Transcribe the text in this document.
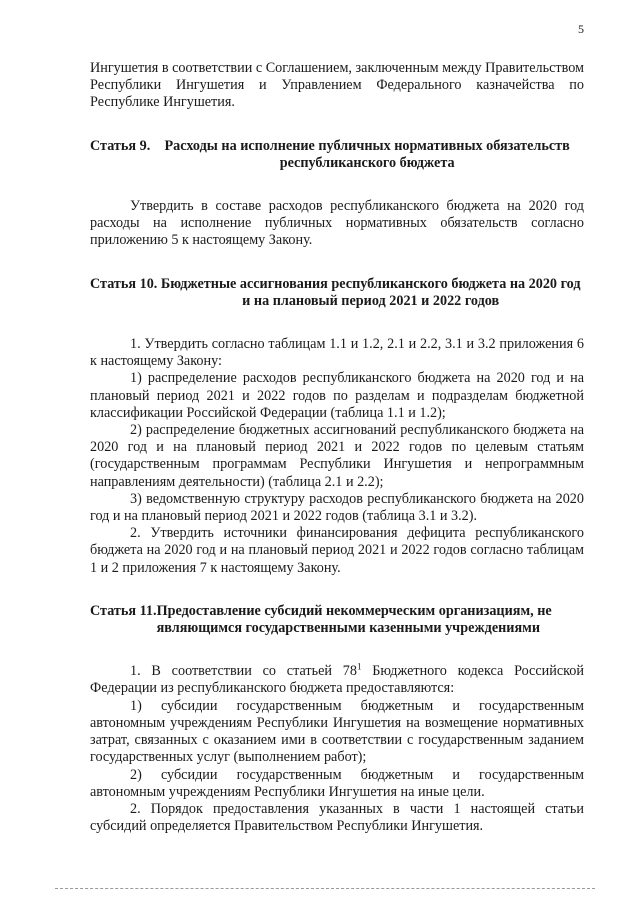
5

Ингушетия в соответствии с Соглашением, заключенным между Правительством Республики Ингушетия и Управлением Федерального казначейства по Республике Ингушетия.

Статья 9.	Расходы на исполнение публичных нормативных обязательств республиканского бюджета

Утвердить в составе расходов республиканского бюджета на 2020 год расходы на исполнение публичных нормативных обязательств согласно приложению 5 к настоящему Закону.

Статья 10. Бюджетные ассигнования республиканского бюджета на 2020 год и на плановый период 2021 и 2022 годов

1. Утвердить согласно таблицам 1.1 и 1.2, 2.1 и 2.2, 3.1 и 3.2 приложения 6 к настоящему Закону:

1) распределение расходов республиканского бюджета на 2020 год и на плановый период 2021 и 2022 годов по разделам и подразделам бюджетной классификации Российской Федерации (таблица 1.1 и 1.2);

2) распределение бюджетных ассигнований республиканского бюджета на 2020 год и на плановый период 2021 и 2022 годов по целевым статьям (государственным программам Республики Ингушетия и непрограммным направлениям деятельности) (таблица 2.1 и 2.2);

3) ведомственную структуру расходов республиканского бюджета на 2020 год и на плановый период 2021 и 2022 годов (таблица 3.1 и 3.2).

2. Утвердить источники финансирования дефицита республиканского бюджета на 2020 год и на плановый период 2021 и 2022 годов согласно таблицам 1 и 2 приложения 7 к настоящему Закону.

Статья 11. Предоставление субсидий некоммерческим организациям, не являющимся государственными казенными учреждениями

1. В соответствии со статьей $78^1$ Бюджетного кодекса Российской Федерации из республиканского бюджета предоставляются:

1) субсидии государственным бюджетным и государственным автономным учреждениям Республики Ингушетия на возмещение нормативных затрат, связанных с оказанием ими в соответствии с государственным заданием государственных услуг (выполнением работ);

2) субсидии государственным бюджетным и государственным автономным учреждениям Республики Ингушетия на иные цели.

2. Порядок предоставления указанных в части 1 настоящей статьи субсидий определяется Правительством Республики Ингушетия.
